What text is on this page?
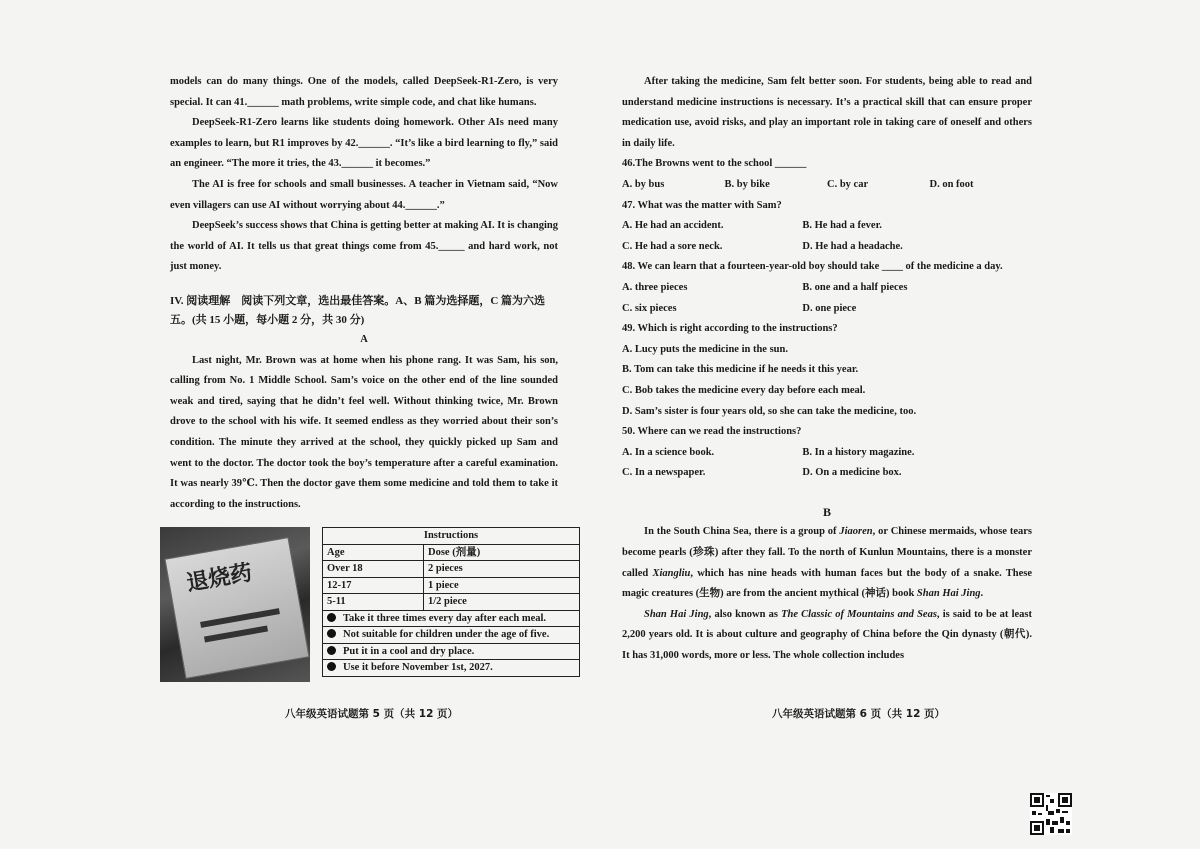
models can do many things. One of the models, called DeepSeek-R1-Zero, is very special. It can 41.______ math problems, write simple code, and chat like humans.

DeepSeek-R1-Zero learns like students doing homework. Other AIs need many examples to learn, but R1 improves by 42.______. “It’s like a bird learning to fly,” said an engineer. “The more it tries, the 43.______ it becomes.”

The AI is free for schools and small businesses. A teacher in Vietnam said, “Now even villagers can use AI without worrying about 44.______.”

DeepSeek’s success shows that China is getting better at making AI. It is changing the world of AI. It tells us that great things come from 45._____ and hard work, not just money.

IV. 阅读理解　阅读下列文章，选出最佳答案。A、B 篇为选择题，C 篇为六选五。(共 15 小题，每小题 2 分，共 30 分)

A

Last night, Mr. Brown was at home when his phone rang. It was Sam, his son, calling from No. 1 Middle School. Sam’s voice on the other end of the line sounded weak and tired, saying that he didn’t feel well. Without thinking twice, Mr. Brown drove to the school with his wife. It seemed endless as they worried about their son’s condition. The minute they arrived at the school, they quickly picked up Sam and went to the doctor. The doctor took the boy’s temperature after a careful examination. It was nearly 39℃. Then the doctor gave them some medicine and told them to take it according to the instructions.

退烧药
Instructions	
Age	Dose (剂量)
Over 18	2 pieces
12-17	1 piece
5-11	1/2 piece
Take it three times every day after each meal.	
Not suitable for children under the age of five.	
Put it in a cool and dry place.	
Use it before November 1st, 2027.	
八年级英语试题第 5 页（共 12 页）

After taking the medicine, Sam felt better soon. For students, being able to read and understand medicine instructions is necessary. It’s a practical skill that can ensure proper medication use, avoid risks, and play an important role in taking care of oneself and others in daily life.

46.The Browns went to the school ______

A. by bus	B. by bike	C. by car	D. on foot

47. What was the matter with Sam?

A. He had an accident.	B. He had a fever.
C. He had a sore neck.	D. He had a headache.

48. We can learn that a fourteen-year-old boy should take ____ of the medicine a day.

A. three pieces	B. one and a half pieces
C. six pieces	D. one piece

49. Which is right according to the instructions?

A. Lucy puts the medicine in the sun.

B. Tom can take this medicine if he needs it this year.

C. Bob takes the medicine every day before each meal.

D. Sam’s sister is four years old, so she can take the medicine, too.

50. Where can we read the instructions?

A. In a science book.	B. In a history magazine.
C. In a newspaper.	D. On a medicine box.

B

In the South China Sea, there is a group of Jiaoren, or Chinese mermaids, whose tears become pearls (珍珠) after they fall. To the north of Kunlun Mountains, there is a monster called Xiangliu, which has nine heads with human faces but the body of a snake. These magic creatures (生物) are from the ancient mythical (神话) book Shan Hai Jing.

Shan Hai Jing, also known as The Classic of Mountains and Seas, is said to be at least 2,200 years old. It is about culture and geography of China before the Qin dynasty (朝代). It has 31,000 words, more or less. The whole collection includes

八年级英语试题第 6 页（共 12 页）
